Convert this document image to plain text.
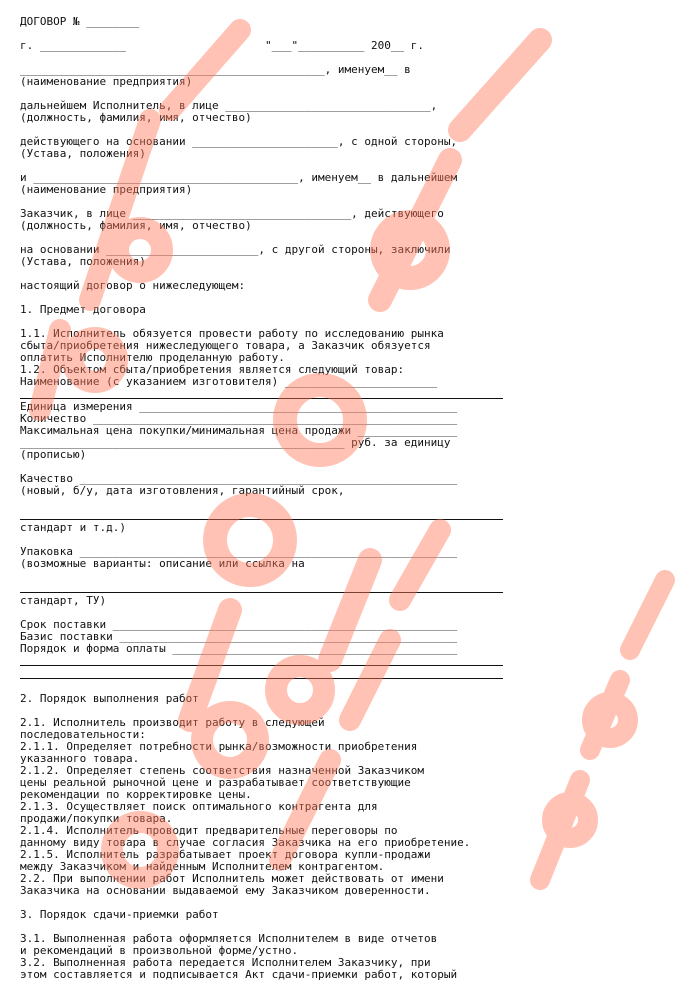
ДОГОВОР № ________
г. _____________                     "___"__________ 200__ г.
______________________________________________, именуем__ в
(наименование предприятия)
дальнейшем Исполнитель, в лице _______________________________,
(должность, фамилия, имя, отчество)
действующего на основании ______________________, с одной стороны,
(Устава, положения)
и ________________________________________, именуем__ в дальнейшем
(наименование предприятия)
Заказчик, в лице _________________________________, действующего
(должность, фамилия, имя, отчество)
на основании _______________________, с другой стороны, заключили
(Устава, положения)
настоящий договор о нижеследующем:
1. Предмет договора
1.1. Исполнитель обязуется провести работу по исследованию рынка
сбыта/приобретения нижеследующего товара, а Заказчик обязуется
оплатить Исполнителю проделанную работу.
1.2. Объектом сбыта/приобретения является следующий товар:
Наименование (с указанием изготовителя) _______________________
Единица измерения ________________________________________________
Количество _______________________________________________________
Максимальная цена покупки/минимальная цена продажи _______________
_________________________________________________ руб. за единицу
(прописью)
Качество _________________________________________________________
(новый, б/у, дата изготовления, гарантийный срок,
стандарт и т.д.)
Упаковка _________________________________________________________
(возможные варианты: описание или ссылка на
стандарт, ТУ)
Срок поставки ____________________________________________________
Базис поставки ___________________________________________________
Порядок и форма оплаты ___________________________________________
2. Порядок выполнения работ
2.1. Исполнитель производит работу в следующей
последовательности:
2.1.1. Определяет потребности рынка/возможности приобретения
указанного товара.
2.1.2. Определяет степень соответствия назначенной Заказчиком
цены реальной рыночной цене и разрабатывает соответствующие
рекомендации по корректировке цены.
2.1.3. Осуществляет поиск оптимального контрагента для
продажи/покупки товара.
2.1.4. Исполнитель проводит предварительные переговоры по
данному виду товара в случае согласия Заказчика на его приобретение.
2.1.5. Исполнитель разрабатывает проект договора купли-продажи
между Заказчиком и найденным Исполнителем контрагентом.
2.2. При выполнении работ Исполнитель может действовать от имени
Заказчика на основании выдаваемой ему Заказчиком доверенности.
3. Порядок сдачи-приемки работ
3.1. Выполненная работа оформляется Исполнителем в виде отчетов
и рекомендаций в произвольной форме/устно.
3.2. Выполненная работа передается Исполнителем Заказчику, при
этом составляется и подписывается Акт сдачи-приемки работ, который
